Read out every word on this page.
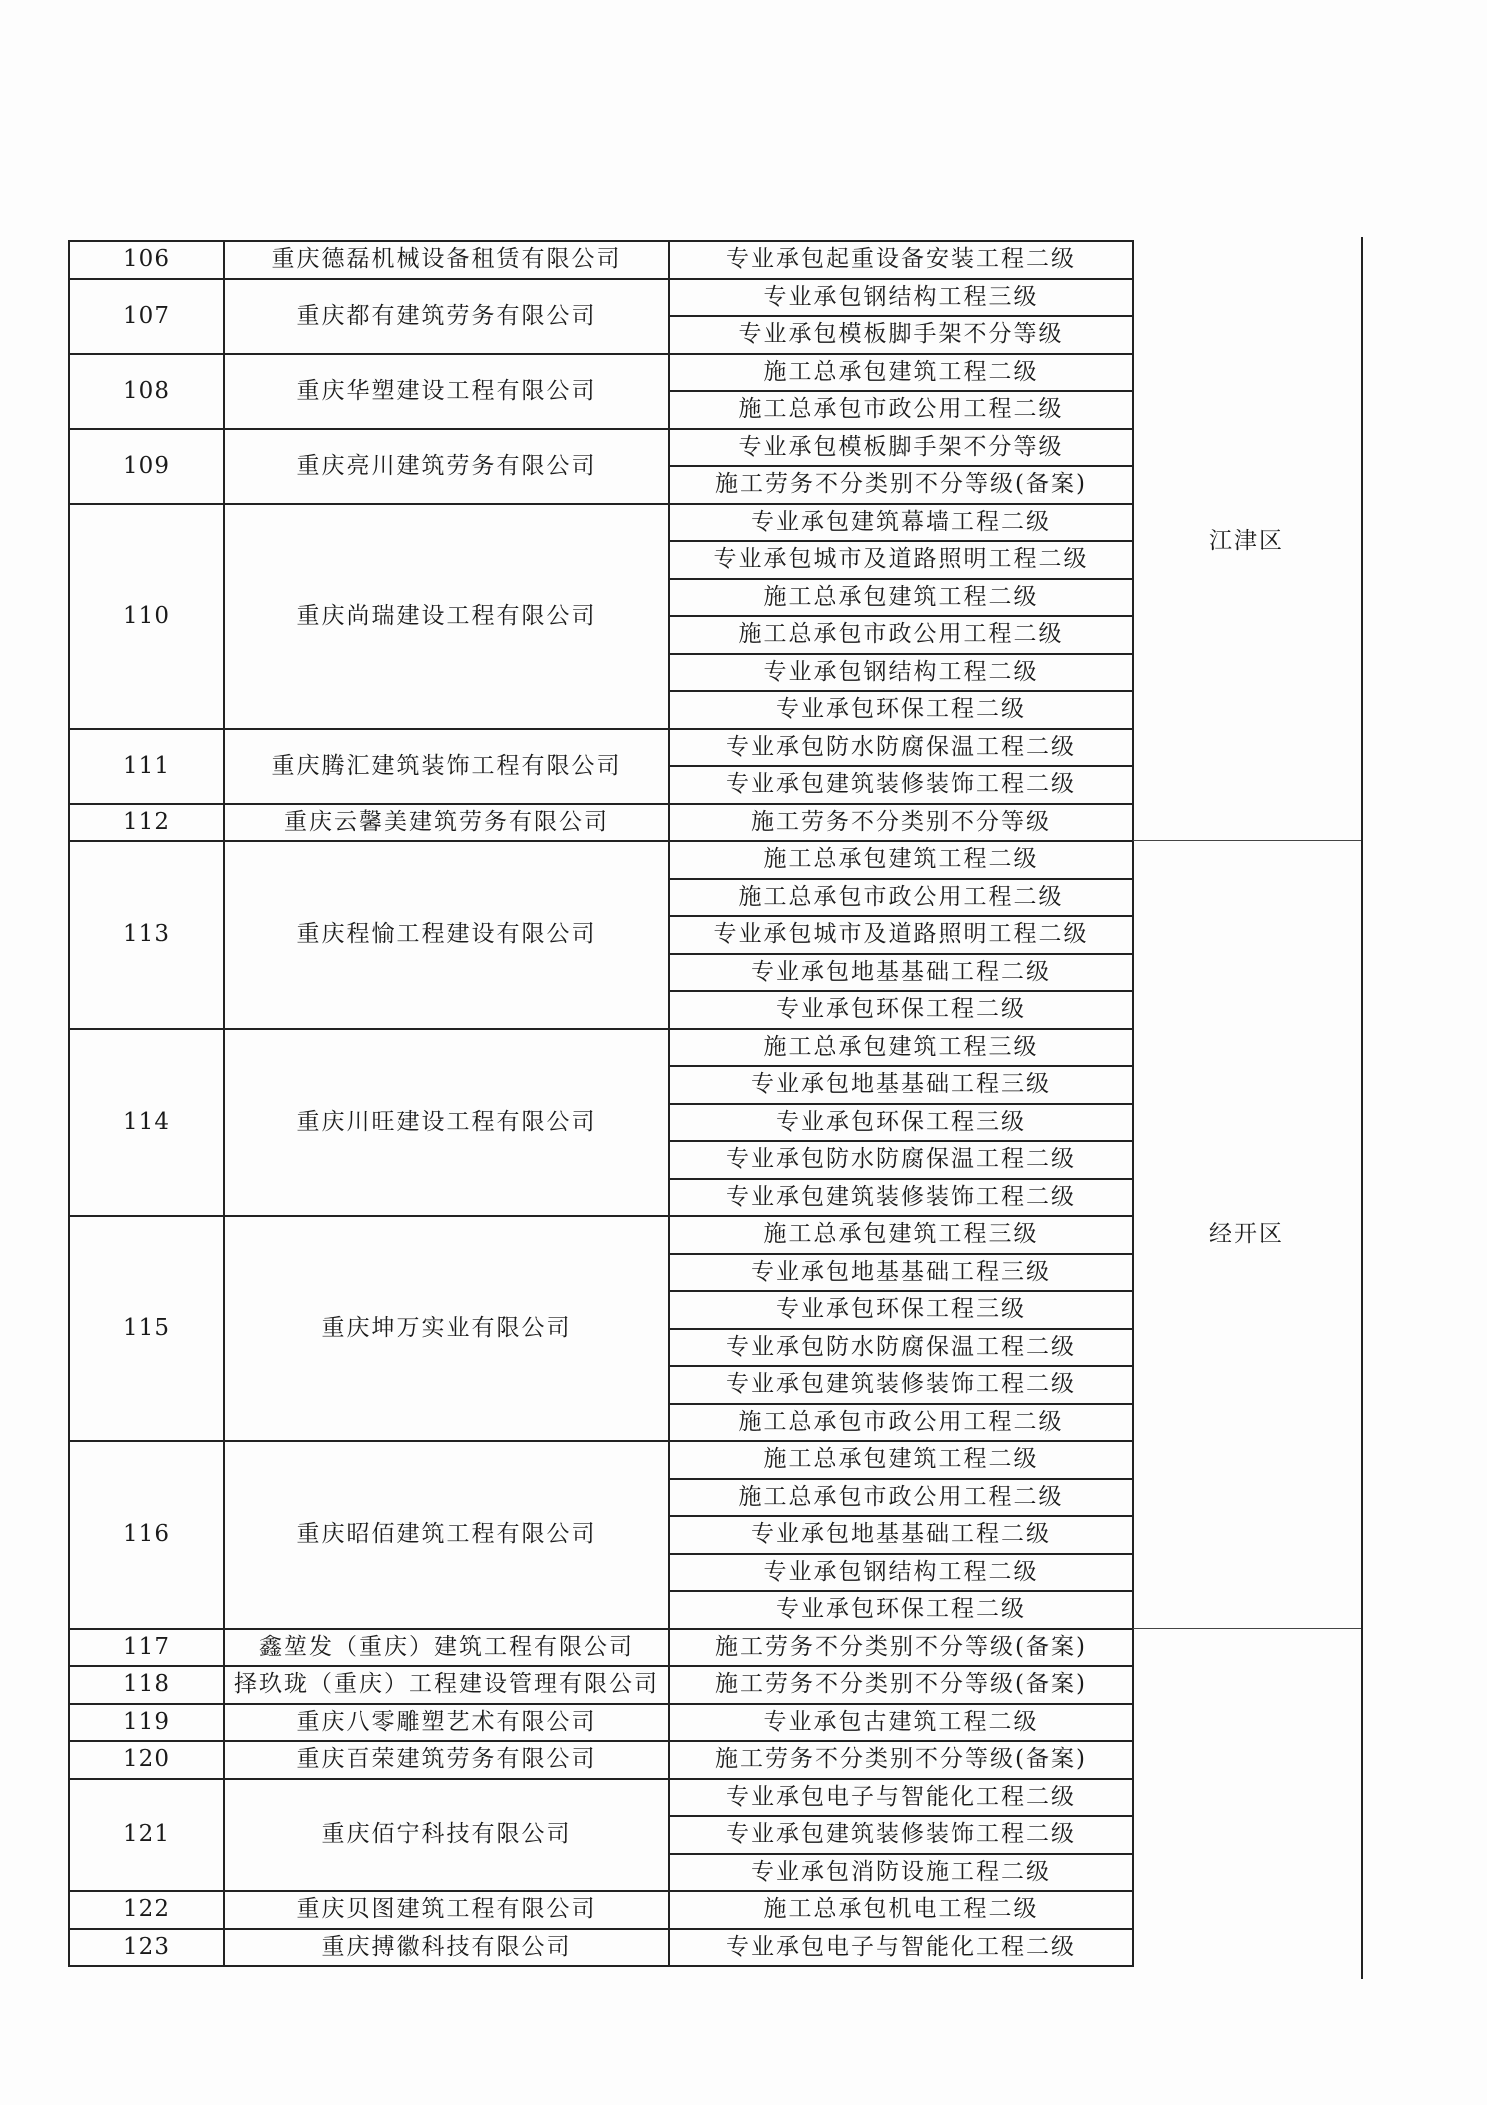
106	重庆德磊机械设备租赁有限公司	专业承包起重设备安装工程二级	江津区
107	重庆都有建筑劳务有限公司	专业承包钢结构工程三级	
		专业承包模板脚手架不分等级	
108	重庆华塑建设工程有限公司	施工总承包建筑工程二级	
		施工总承包市政公用工程二级	
109	重庆亮川建筑劳务有限公司	专业承包模板脚手架不分等级	
		施工劳务不分类别不分等级(备案)	
110	重庆尚瑞建设工程有限公司	专业承包建筑幕墙工程二级	
		专业承包城市及道路照明工程二级	
		施工总承包建筑工程二级	
		施工总承包市政公用工程二级	
		专业承包钢结构工程二级	
		专业承包环保工程二级	
111	重庆腾汇建筑装饰工程有限公司	专业承包防水防腐保温工程二级	
		专业承包建筑装修装饰工程二级	
112	重庆云馨美建筑劳务有限公司	施工劳务不分类别不分等级	
113	重庆程愉工程建设有限公司	施工总承包建筑工程二级	经开区
		施工总承包市政公用工程二级	
		专业承包城市及道路照明工程二级	
		专业承包地基基础工程二级	
		专业承包环保工程二级	
114	重庆川旺建设工程有限公司	施工总承包建筑工程三级	
		专业承包地基基础工程三级	
		专业承包环保工程三级	
		专业承包防水防腐保温工程二级	
		专业承包建筑装修装饰工程二级	
115	重庆坤万实业有限公司	施工总承包建筑工程三级	
		专业承包地基基础工程三级	
		专业承包环保工程三级	
		专业承包防水防腐保温工程二级	
		专业承包建筑装修装饰工程二级	
		施工总承包市政公用工程二级	
116	重庆昭佰建筑工程有限公司	施工总承包建筑工程二级	
		施工总承包市政公用工程二级	
		专业承包地基基础工程二级	
		专业承包钢结构工程二级	
		专业承包环保工程二级	
117	鑫堃发（重庆）建筑工程有限公司	施工劳务不分类别不分等级(备案)	
118	择玖珑（重庆）工程建设管理有限公司	施工劳务不分类别不分等级(备案)	
119	重庆八零雕塑艺术有限公司	专业承包古建筑工程二级	
120	重庆百荣建筑劳务有限公司	施工劳务不分类别不分等级(备案)	
121	重庆佰宁科技有限公司	专业承包电子与智能化工程二级	
		专业承包建筑装修装饰工程二级	
		专业承包消防设施工程二级	
122	重庆贝图建筑工程有限公司	施工总承包机电工程二级	
123	重庆搏徽科技有限公司	专业承包电子与智能化工程二级	
